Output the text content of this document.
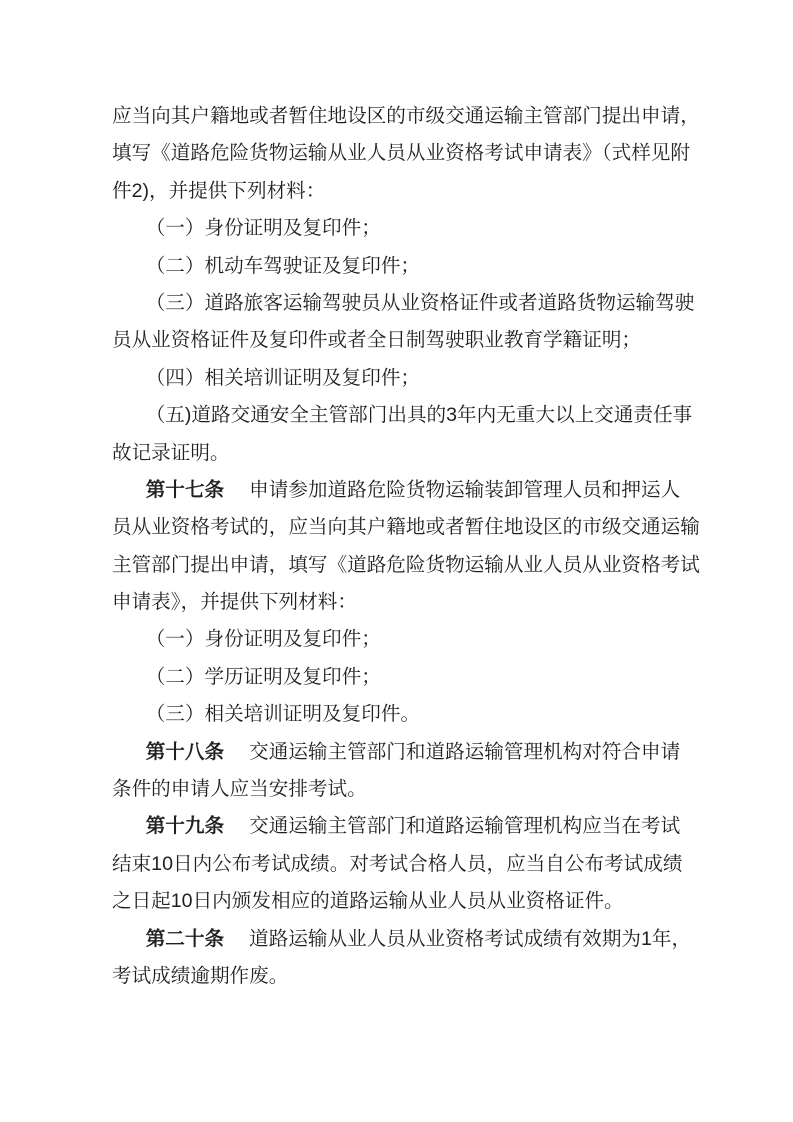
应当向其户籍地或者暂住地设区的市级交通运输主管部门提出申请，
填写《道路危险货物运输从业人员从业资格考试申请表》（式样见附
件2)，并提供下列材料：
（一）身份证明及复印件；
（二）机动车驾驶证及复印件；
（三）道路旅客运输驾驶员从业资格证件或者道路货物运输驾驶
员从业资格证件及复印件或者全日制驾驶职业教育学籍证明；
（四）相关培训证明及复印件；
（五)道路交通安全主管部门出具的3年内无重大以上交通责任事
故记录证明。
第十七条　申请参加道路危险货物运输装卸管理人员和押运人
员从业资格考试的，应当向其户籍地或者暂住地设区的市级交通运输
主管部门提出申请，填写《道路危险货物运输从业人员从业资格考试
申请表》，并提供下列材料：
（一）身份证明及复印件；
（二）学历证明及复印件；
（三）相关培训证明及复印件。
第十八条　交通运输主管部门和道路运输管理机构对符合申请
条件的申请人应当安排考试。
第十九条　交通运输主管部门和道路运输管理机构应当在考试
结束10日内公布考试成绩。对考试合格人员，应当自公布考试成绩
之日起10日内颁发相应的道路运输从业人员从业资格证件。
第二十条　道路运输从业人员从业资格考试成绩有效期为1年，
考试成绩逾期作废。
